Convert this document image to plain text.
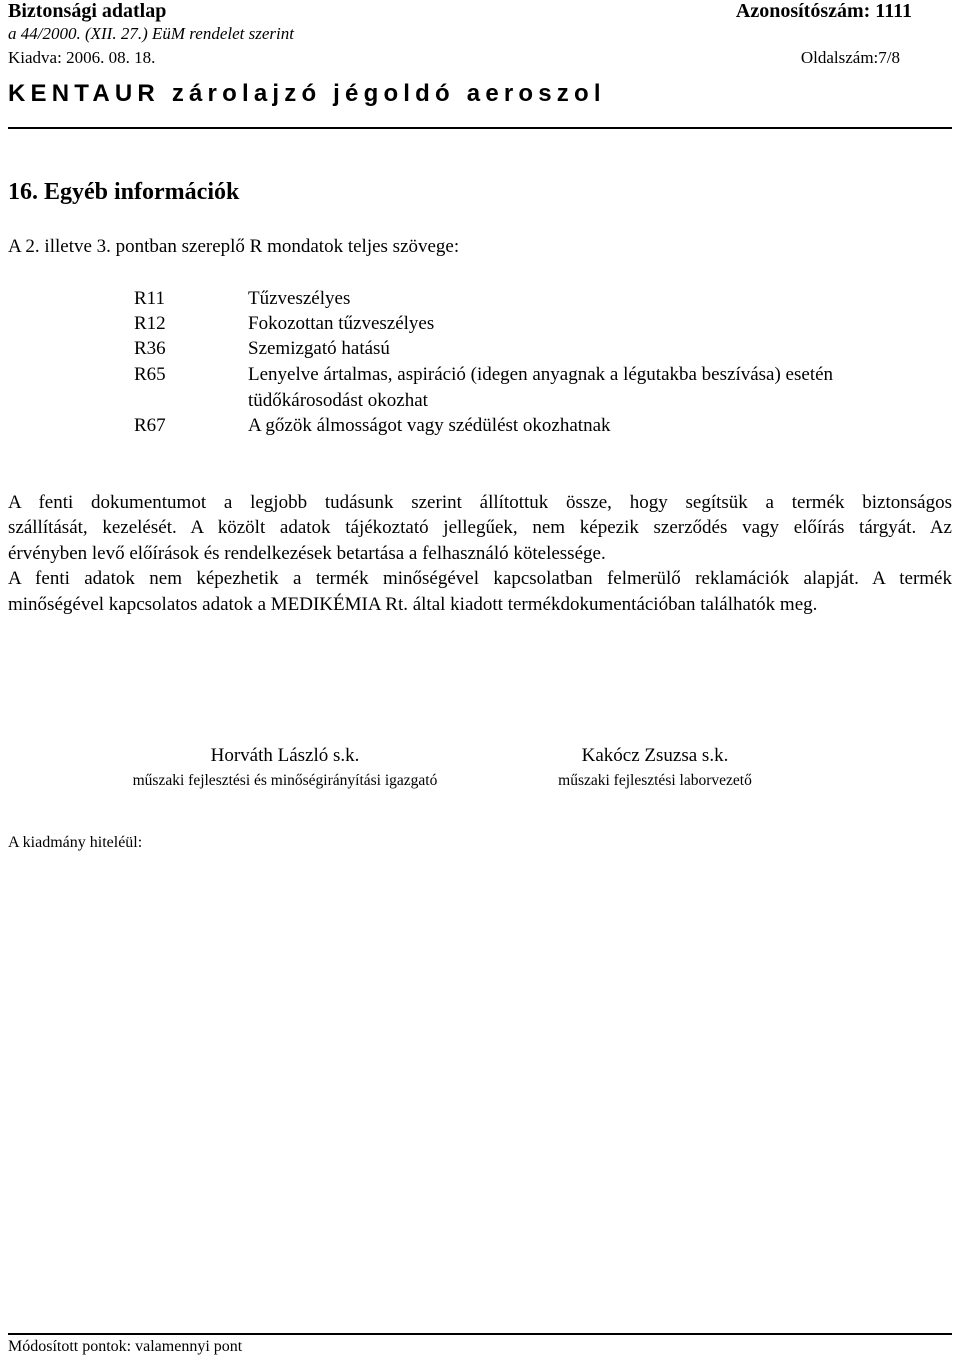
Biztonsági adatlap	Azonosítószám: 1111
a 44/2000. (XII. 27.) EüM rendelet szerint
Kiadva: 2006. 08. 18.	Oldalszám:7/8
KENTAUR zárolajzó jégoldó aeroszol
16. Egyéb információk
A 2. illetve 3. pontban szereplő R mondatok teljes szövege:
R11	Tűzveszélyes
R12	Fokozottan tűzveszélyes
R36	Szemizgató hatású
R65	Lenyelve ártalmas, aspiráció (idegen anyagnak a légutakba beszívása) esetén
tüdőkárosodást okozhat
R67	A gőzök álmosságot vagy szédülést okozhatnak
A fenti dokumentumot a legjobb tudásunk szerint állítottuk össze, hogy segítsük a termék biztonságos
szállítását, kezelését. A közölt adatok tájékoztató jellegűek, nem képezik szerződés vagy előírás tárgyát. Az
érvényben levő előírások és rendelkezések betartása a felhasználó kötelessége.
A fenti adatok nem képezhetik a termék minőségével kapcsolatban felmerülő reklamációk alapját. A termék
minőségével kapcsolatos adatok a MEDIKÉMIA Rt. által kiadott termékdokumentációban találhatók meg.
Horváth László s.k.
műszaki fejlesztési és minőségirányítási igazgató
Kakócz Zsuzsa s.k.
műszaki fejlesztési laborvezető
A kiadmány hiteléül:
Módosított pontok: valamennyi pont
